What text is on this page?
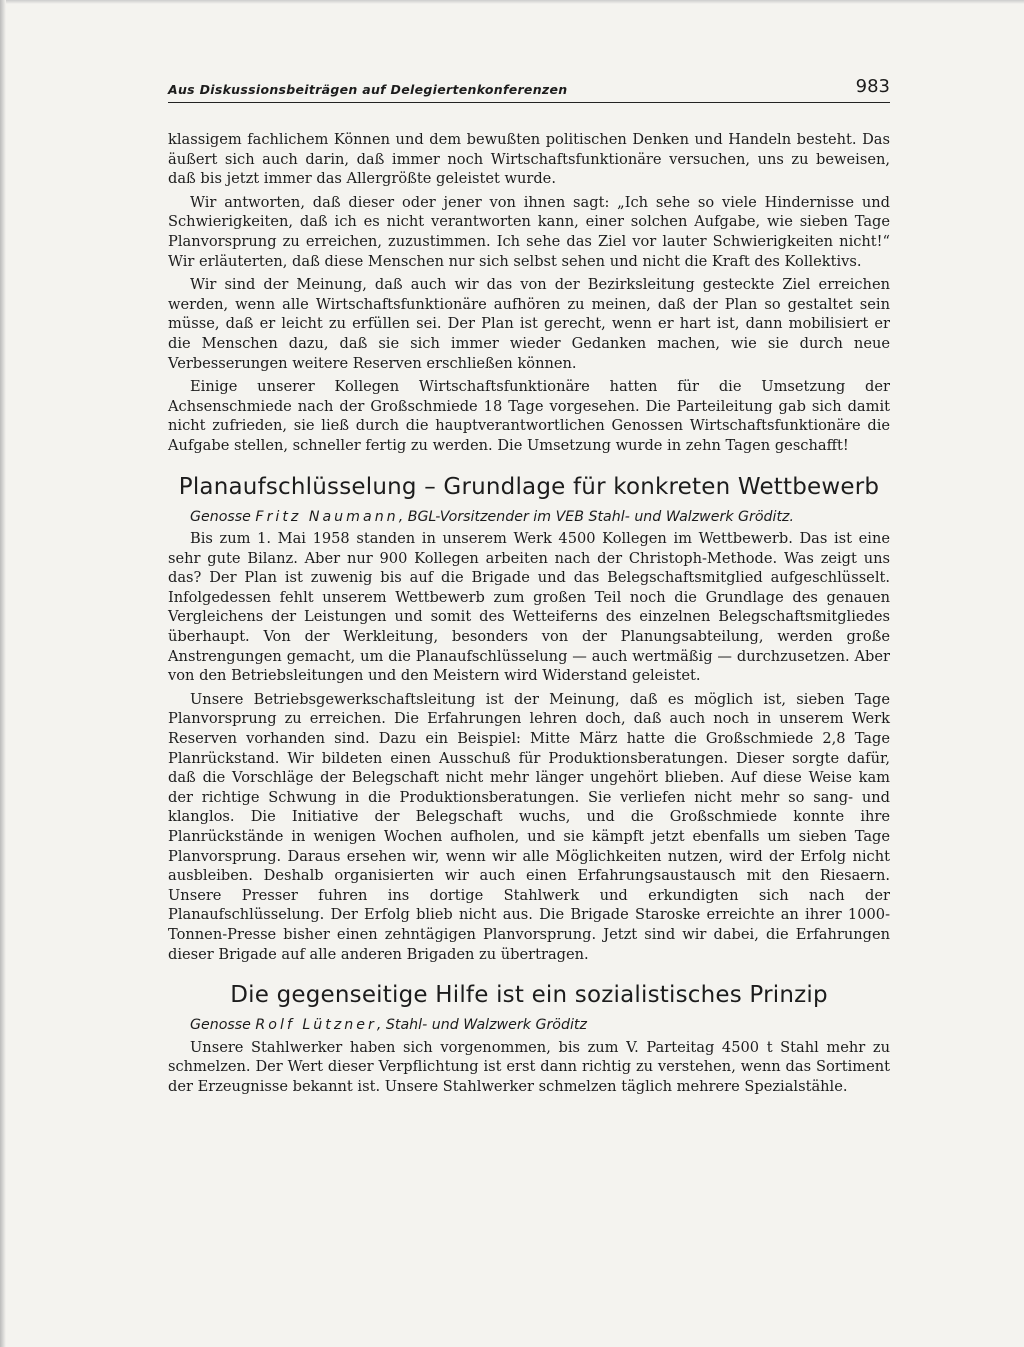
Aus Diskussionsbeiträgen auf Delegiertenkonferenzen	983

klassigem fachlichem Können und dem bewußten politischen Denken und Handeln besteht. Das äußert sich auch darin, daß immer noch Wirtschaftsfunktionäre versuchen, uns zu beweisen, daß bis jetzt immer das Allergrößte geleistet wurde.

Wir antworten, daß dieser oder jener von ihnen sagt: „Ich sehe so viele Hindernisse und Schwierigkeiten, daß ich es nicht verantworten kann, einer solchen Aufgabe, wie sieben Tage Planvorsprung zu erreichen, zuzustimmen. Ich sehe das Ziel vor lauter Schwierigkeiten nicht!“ Wir erläuterten, daß diese Menschen nur sich selbst sehen und nicht die Kraft des Kollektivs.

Wir sind der Meinung, daß auch wir das von der Bezirksleitung gesteckte Ziel erreichen werden, wenn alle Wirtschaftsfunktionäre aufhören zu meinen, daß der Plan so gestaltet sein müsse, daß er leicht zu erfüllen sei. Der Plan ist gerecht, wenn er hart ist, dann mobilisiert er die Menschen dazu, daß sie sich immer wieder Gedanken machen, wie sie durch neue Verbesserungen weitere Reserven erschließen können.

Einige unserer Kollegen Wirtschaftsfunktionäre hatten für die Umsetzung der Achsenschmiede nach der Großschmiede 18 Tage vorgesehen. Die Parteileitung gab sich damit nicht zufrieden, sie ließ durch die hauptverantwortlichen Genossen Wirtschaftsfunktionäre die Aufgabe stellen, schneller fertig zu werden. Die Umsetzung wurde in zehn Tagen geschafft!

Planaufschlüsselung – Grundlage für konkreten Wettbewerb

Genosse Fritz Naumann, BGL-Vorsitzender im VEB Stahl- und Walzwerk Gröditz.

Bis zum 1. Mai 1958 standen in unserem Werk 4500 Kollegen im Wettbewerb. Das ist eine sehr gute Bilanz. Aber nur 900 Kollegen arbeiten nach der Christoph-Methode. Was zeigt uns das? Der Plan ist zuwenig bis auf die Brigade und das Belegschaftsmitglied aufgeschlüsselt. Infolgedessen fehlt unserem Wettbewerb zum großen Teil noch die Grundlage des genauen Vergleichens der Leistungen und somit des Wetteiferns des einzelnen Belegschaftsmitgliedes überhaupt. Von der Werkleitung, besonders von der Planungsabteilung, werden große Anstrengungen gemacht, um die Planaufschlüsselung — auch wertmäßig — durchzusetzen. Aber von den Betriebsleitungen und den Meistern wird Widerstand geleistet.

Unsere Betriebsgewerkschaftsleitung ist der Meinung, daß es möglich ist, sieben Tage Planvorsprung zu erreichen. Die Erfahrungen lehren doch, daß auch noch in unserem Werk Reserven vorhanden sind. Dazu ein Beispiel: Mitte März hatte die Großschmiede 2,8 Tage Planrückstand. Wir bildeten einen Ausschuß für Produktionsberatungen. Dieser sorgte dafür, daß die Vorschläge der Belegschaft nicht mehr länger ungehört blieben. Auf diese Weise kam der richtige Schwung in die Produktionsberatungen. Sie verliefen nicht mehr so sang- und klanglos. Die Initiative der Belegschaft wuchs, und die Großschmiede konnte ihre Planrückstände in wenigen Wochen aufholen, und sie kämpft jetzt ebenfalls um sieben Tage Planvorsprung. Daraus ersehen wir, wenn wir alle Möglichkeiten nutzen, wird der Erfolg nicht ausbleiben. Deshalb organisierten wir auch einen Erfahrungsaustausch mit den Riesaern. Unsere Presser fuhren ins dortige Stahlwerk und erkundigten sich nach der Planaufschlüsselung. Der Erfolg blieb nicht aus. Die Brigade Staroske erreichte an ihrer 1000-Tonnen-Presse bisher einen zehntägigen Planvorsprung. Jetzt sind wir dabei, die Erfahrungen dieser Brigade auf alle anderen Brigaden zu übertragen.

Die gegenseitige Hilfe ist ein sozialistisches Prinzip

Genosse Rolf Lützner, Stahl- und Walzwerk Gröditz

Unsere Stahlwerker haben sich vorgenommen, bis zum V. Parteitag 4500 t Stahl mehr zu schmelzen. Der Wert dieser Verpflichtung ist erst dann richtig zu verstehen, wenn das Sortiment der Erzeugnisse bekannt ist. Unsere Stahlwerker schmelzen täglich mehrere Spezialstähle.
